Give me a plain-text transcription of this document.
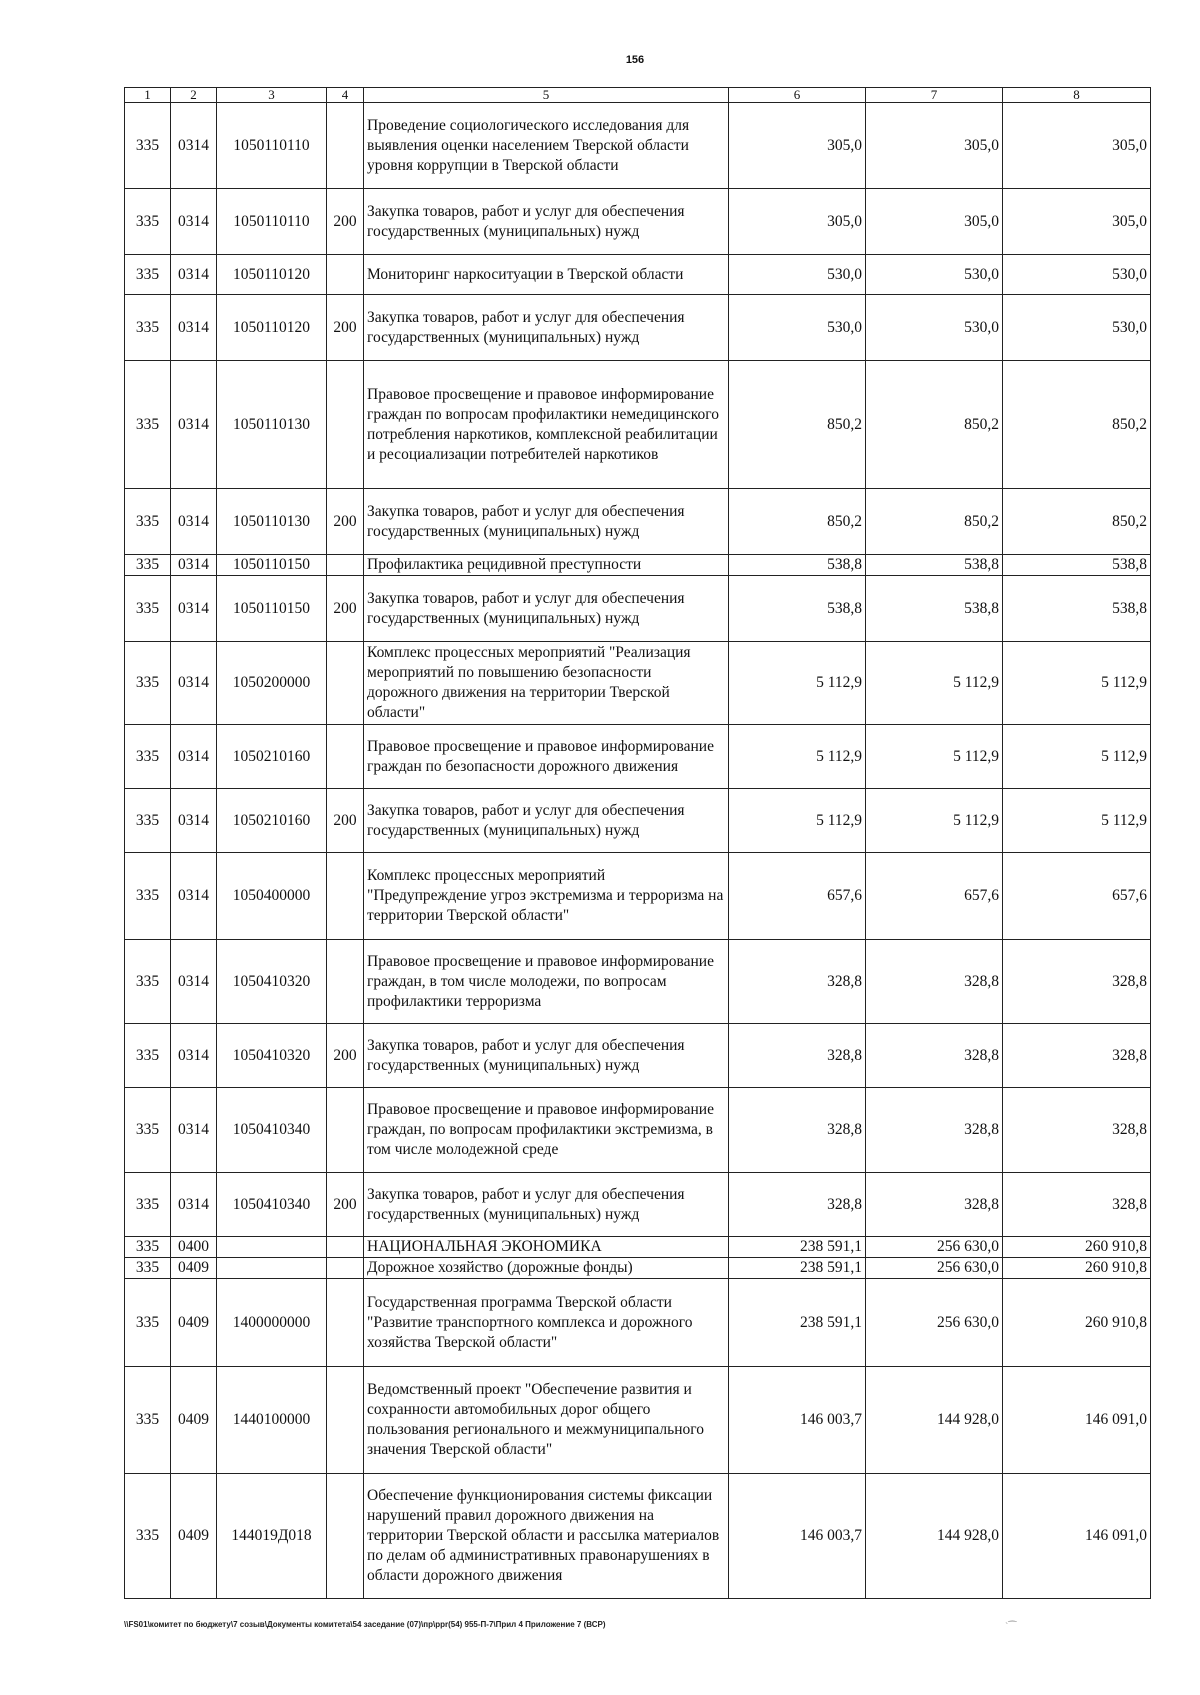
156
1	2	3	4	5	6	7	8
335	0314	1050110110		Проведение социологического исследования для выявления оценки населением Тверской области уровня коррупции в Тверской области	305,0	305,0	305,0
335	0314	1050110110	200	Закупка товаров, работ и услуг для обеспечения государственных (муниципальных) нужд	305,0	305,0	305,0
335	0314	1050110120		Мониторинг наркоситуации в Тверской области	530,0	530,0	530,0
335	0314	1050110120	200	Закупка товаров, работ и услуг для обеспечения государственных (муниципальных) нужд	530,0	530,0	530,0
335	0314	1050110130		Правовое просвещение и правовое информирование граждан по вопросам профилактики немедицинского потребления наркотиков, комплексной реабилитации и ресоциализации потребителей наркотиков	850,2	850,2	850,2
335	0314	1050110130	200	Закупка товаров, работ и услуг для обеспечения государственных (муниципальных) нужд	850,2	850,2	850,2
335	0314	1050110150		Профилактика рецидивной преступности	538,8	538,8	538,8
335	0314	1050110150	200	Закупка товаров, работ и услуг для обеспечения государственных (муниципальных) нужд	538,8	538,8	538,8
335	0314	1050200000		Комплекс процессных мероприятий "Реализация мероприятий по повышению безопасности дорожного движения на территории Тверской области"	5 112,9	5 112,9	5 112,9
335	0314	1050210160		Правовое просвещение и правовое информирование граждан по безопасности дорожного движения	5 112,9	5 112,9	5 112,9
335	0314	1050210160	200	Закупка товаров, работ и услуг для обеспечения государственных (муниципальных) нужд	5 112,9	5 112,9	5 112,9
335	0314	1050400000		Комплекс процессных мероприятий "Предупреждение угроз экстремизма и терроризма на территории Тверской области"	657,6	657,6	657,6
335	0314	1050410320		Правовое просвещение и правовое информирование граждан, в том числе молодежи, по вопросам профилактики терроризма	328,8	328,8	328,8
335	0314	1050410320	200	Закупка товаров, работ и услуг для обеспечения государственных (муниципальных) нужд	328,8	328,8	328,8
335	0314	1050410340		Правовое просвещение и правовое информирование граждан, по вопросам профилактики экстремизма, в том числе молодежной среде	328,8	328,8	328,8
335	0314	1050410340	200	Закупка товаров, работ и услуг для обеспечения государственных (муниципальных) нужд	328,8	328,8	328,8
335	0400			НАЦИОНАЛЬНАЯ ЭКОНОМИКА	238 591,1	256 630,0	260 910,8
335	0409			Дорожное хозяйство (дорожные фонды)	238 591,1	256 630,0	260 910,8
335	0409	1400000000		Государственная программа Тверской области "Развитие транспортного комплекса и дорожного хозяйства Тверской области"	238 591,1	256 630,0	260 910,8
335	0409	1440100000		Ведомственный проект "Обеспечение развития и сохранности автомобильных дорог общего пользования регионального и межмуниципального значения Тверской области"	146 003,7	144 928,0	146 091,0
335	0409	144019Д018		Обеспечение функционирования системы фиксации нарушений правил дорожного движения на территории Тверской области и рассылка материалов по делам об административных правонарушениях в области дорожного движения	146 003,7	144 928,0	146 091,0
\\FS01\комитет по бюджету\7 созыв\Документы комитета\54 заседание (07)\пр\ppr(54) 955-П-7\Прил 4 Приложение 7 (ВСР)	ˋ⁀
